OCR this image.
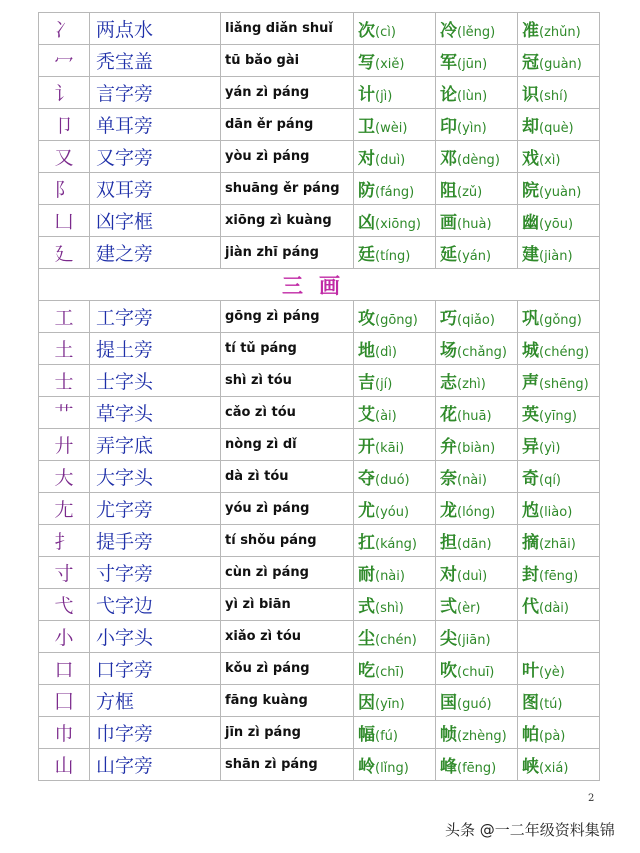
冫	两点水	liǎng diǎn shuǐ	次(cì)	冷(lěng)	准(zhǔn)
冖	秃宝盖	tū bǎo gài	写(xiě)	军(jūn)	冠(guàn)
讠	言字旁	yán zì páng	计(jì)	论(lùn)	识(shí)
卩	单耳旁	dān ěr páng	卫(wèi)	印(yìn)	却(què)
又	又字旁	yòu zì páng	对(duì)	邓(dèng)	戏(xì)
阝	双耳旁	shuāng ěr páng	防(fáng)	阻(zǔ)	院(yuàn)
凵	凶字框	xiōng zì kuàng	凶(xiōng)	画(huà)	幽(yōu)
廴	建之旁	jiàn zhī páng	廷(tíng)	延(yán)	建(jiàn)
三画					
工	工字旁	gōng zì páng	攻(gōng)	巧(qiǎo)	巩(gǒng)
土	提土旁	tí tǔ páng	地(dì)	场(chǎng)	城(chéng)
士	士字头	shì zì tóu	吉(jí)	志(zhì)	声(shēng)
艹	草字头	cǎo zì tóu	艾(ài)	花(huā)	英(yīng)
廾	弄字底	nòng zì dǐ	开(kāi)	弁(biàn)	异(yì)
大	大字头	dà zì tóu	夺(duó)	奈(nài)	奇(qí)
尢	尤字旁	yóu zì páng	尤(yóu)	龙(lóng)	尥(liào)
扌	提手旁	tí shǒu páng	扛(káng)	担(dān)	摘(zhāi)
寸	寸字旁	cùn zì páng	耐(nài)	对(duì)	封(fēng)
弋	弋字边	yì zì biān	式(shì)	弍(èr)	代(dài)
小	小字头	xiǎo zì tóu	尘(chén)	尖(jiān)	
口	口字旁	kǒu zì páng	吃(chī)	吹(chuī)	叶(yè)
囗	方框	fāng kuàng	因(yīn)	国(guó)	图(tú)
巾	巾字旁	jīn zì páng	幅(fú)	帧(zhèng)	帕(pà)
山	山字旁	shān zì páng	岭(lǐng)	峰(fēng)	峡(xiá)
2
头条 @一二年级资料集锦
